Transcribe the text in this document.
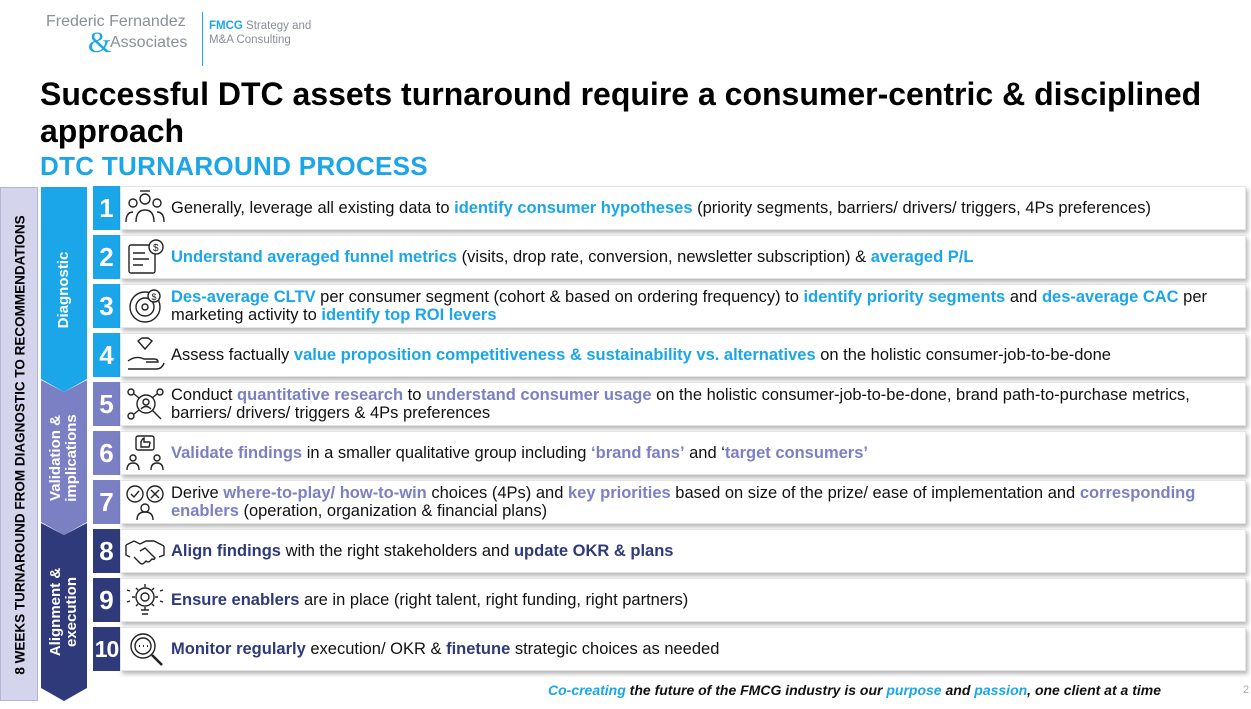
Frederic Fernandez
&
Associates
FMCG Strategy and
M&A Consulting
Successful DTC assets turnaround require a consumer-centric & disciplined approach
DTC TURNAROUND PROCESS
8 WEEKS TURNAROUND FROM DIAGNOSTIC TO RECOMMENDATIONS Diagnostic
Validation &
implications
Alignment &
execution
1	Generally, leverage all existing data to identify consumer hypotheses (priority segments, barriers/ drivers/ triggers, 4Ps preferences)
2	$ Understand averaged funnel metrics (visits, drop rate, conversion, newsletter subscription) & averaged P/L
3	$ Des-average CLTV per consumer segment (cohort & based on ordering frequency) to identify priority segments and des-average CAC per marketing activity to identify top ROI levers
4	Assess factually value proposition competitiveness & sustainability vs. alternatives on the holistic consumer-job-to-be-done
5	Conduct quantitative research to understand consumer usage on the holistic consumer-job-to-be-done, brand path-to-purchase metrics, barriers/ drivers/ triggers & 4Ps preferences
6	Validate findings in a smaller qualitative group including ‘brand fans’ and ‘target consumers’
7	Derive where-to-play/ how-to-win choices (4Ps) and key priorities based on size of the prize/ ease of implementation and corresponding enablers (operation, organization & financial plans)
8	Align findings with the right stakeholders and update OKR & plans
9	Ensure enablers are in place (right talent, right funding, right partners)
10	Monitor regularly execution/ OKR & finetune strategic choices as needed
Co-creating the future of the FMCG industry is our purpose and passion, one client at a time	2
